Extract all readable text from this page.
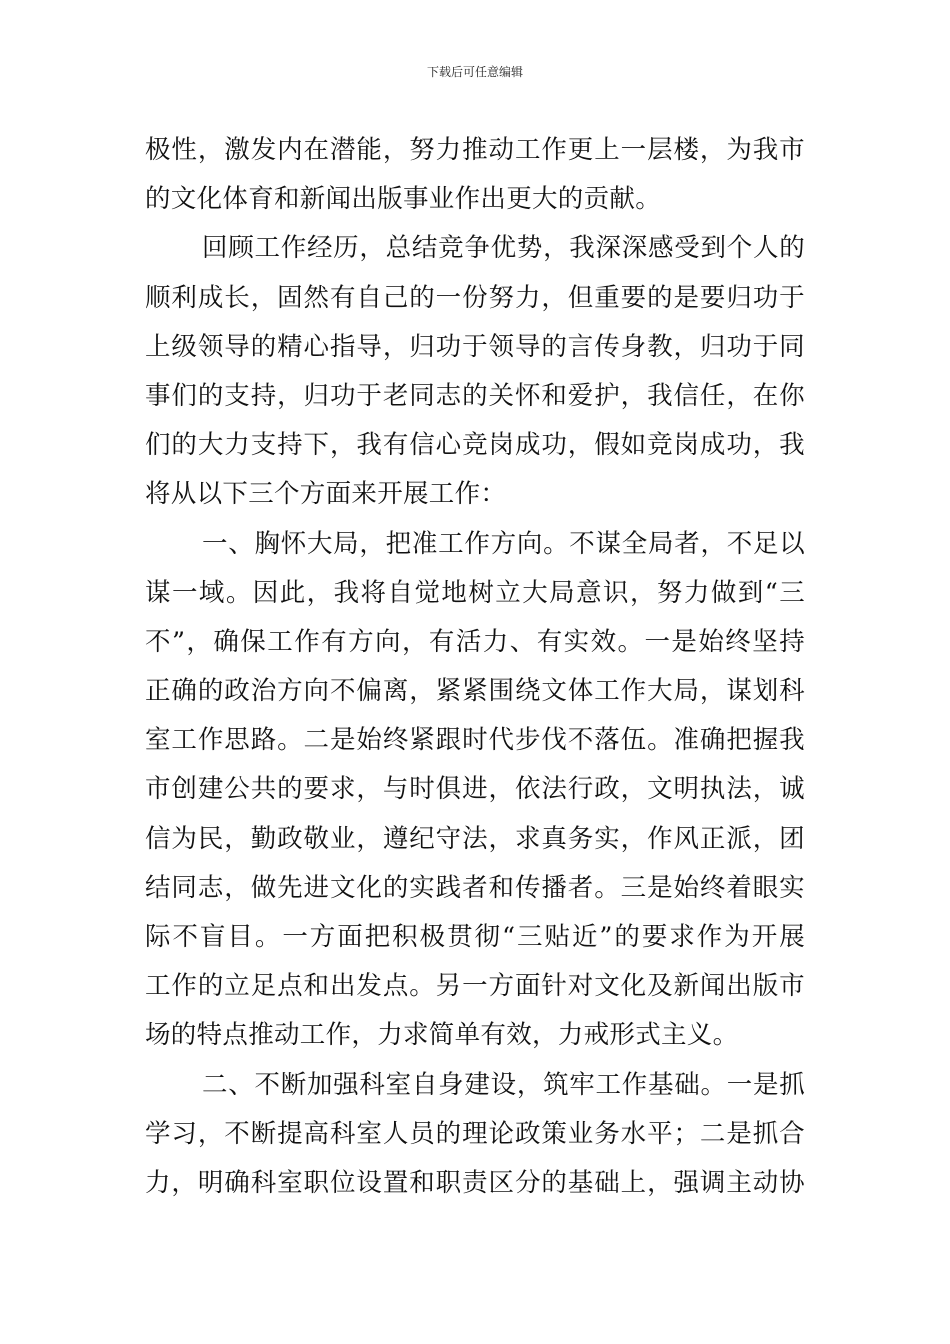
下载后可任意编辑
极性，激发内在潜能，努力推动工作更上一层楼，为我市
的文化体育和新闻出版事业作出更大的贡献。
回顾工作经历，总结竞争优势，我深深感受到个人的
顺利成长，固然有自己的一份努力，但重要的是要归功于
上级领导的精心指导，归功于领导的言传身教，归功于同
事们的支持，归功于老同志的关怀和爱护，我信任，在你
们的大力支持下，我有信心竞岗成功，假如竞岗成功，我
将从以下三个方面来开展工作：
一、胸怀大局，把准工作方向。不谋全局者，不足以
谋一域。因此，我将自觉地树立大局意识，努力做到“三
不”，确保工作有方向，有活力、有实效。一是始终坚持
正确的政治方向不偏离，紧紧围绕文体工作大局，谋划科
室工作思路。二是始终紧跟时代步伐不落伍。准确把握我
市创建公共的要求，与时俱进，依法行政，文明执法，诚
信为民，勤政敬业，遵纪守法，求真务实，作风正派，团
结同志，做先进文化的实践者和传播者。三是始终着眼实
际不盲目。一方面把积极贯彻“三贴近”的要求作为开展
工作的立足点和出发点。另一方面针对文化及新闻出版市
场的特点推动工作，力求简单有效，力戒形式主义。
二、不断加强科室自身建设，筑牢工作基础。一是抓
学习，不断提高科室人员的理论政策业务水平；二是抓合
力，明确科室职位设置和职责区分的基础上，强调主动协
